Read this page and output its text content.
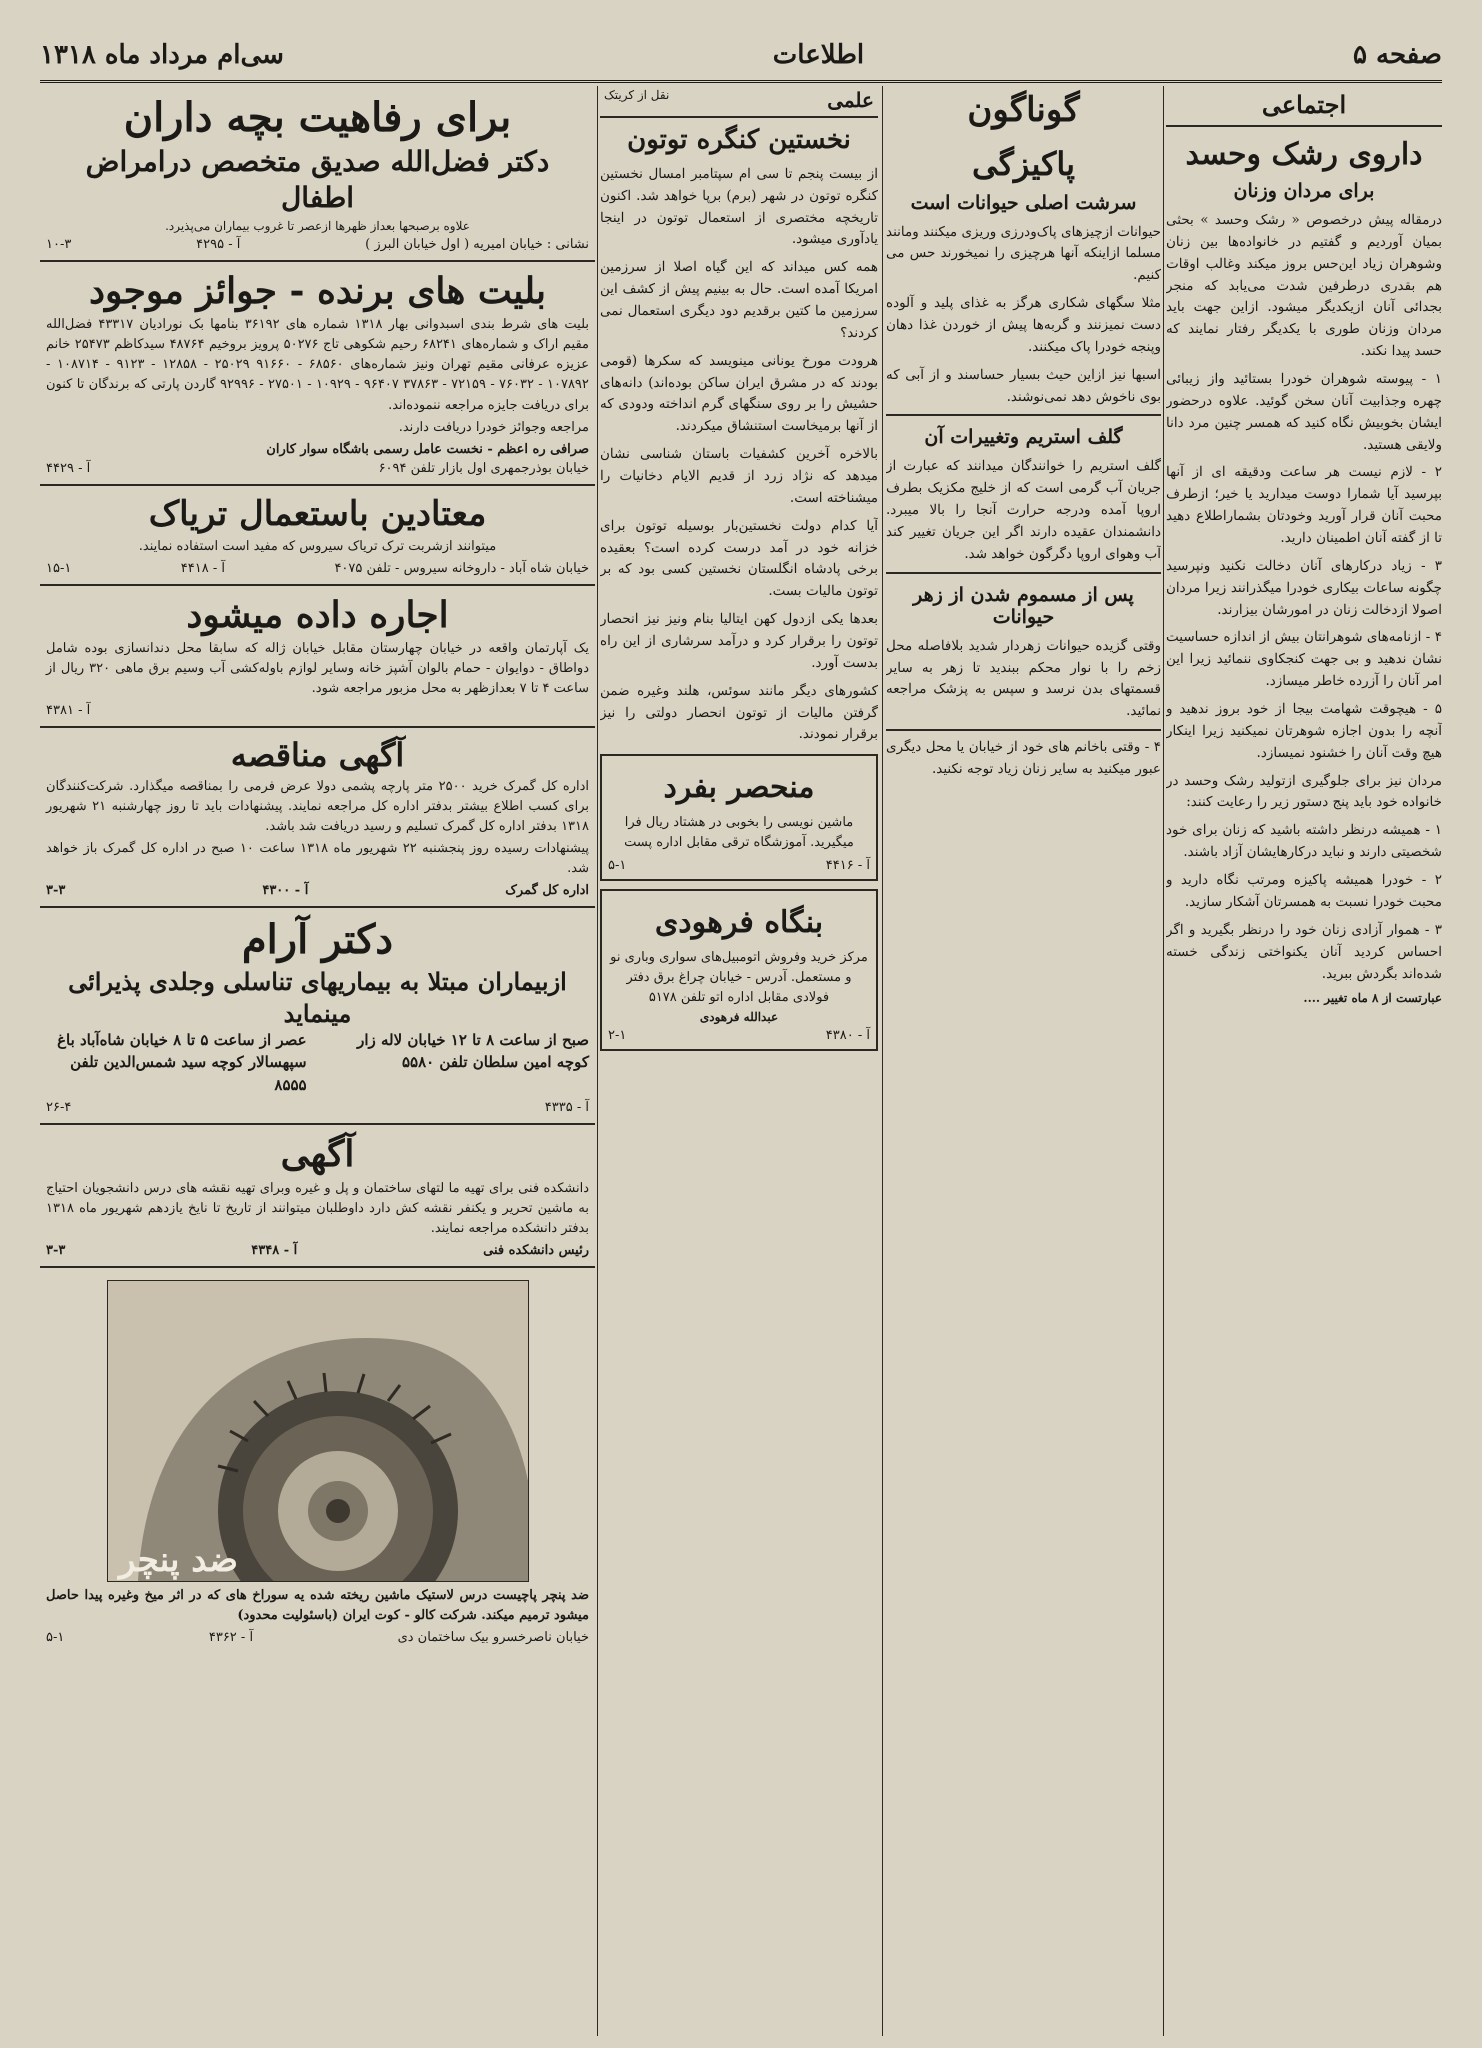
صفحه ۵
اطلاعات
سی‌ام مرداد ماه ۱۳۱۸
اجتماعی
داروی رشک وحسد
برای مردان وزنان

درمقاله پیش درخصوص « رشک وحسد » بحثی بمیان آوردیم و گفتیم در خانواده‌ها بین زنان وشوهران زیاد این‌حس بروز میکند وغالب اوقات هم بقدری درطرفین شدت می‌یابد که منجر بجدائی آنان ازیکدیگر میشود. ازاین جهت باید مردان وزنان طوری با یکدیگر رفتار نمایند که حسد پیدا نکند.

۱ - پیوسته شوهران خودرا بستائید واز زیبائی چهره وجذابیت آنان سخن گوئید. علاوه درحضور ایشان بخوبیش نگاه کنید که همسر چنین مرد دانا ولایقی هستید.

۲ - لازم نیست هر ساعت ودقیقه ای از آنها بپرسید آیا شمارا دوست میدارید یا خیر؛ ازطرف محبت آنان قرار آورید وخودتان بشماراطلاع دهید تا از گفته آنان اطمینان دارید.

۳ - زیاد درکارهای آنان دخالت نکنید ونپرسید چگونه ساعات بیکاری خودرا میگذرانند زیرا مردان اصولا ازدخالت زنان در امورشان بیزارند.

۴ - ازنامه‌های شوهرانتان بیش از اندازه حساسیت نشان ندهید و بی جهت کنجکاوی ننمائید زیرا این امر آنان را آزرده خاطر میسازد.

۵ - هیچوقت شهامت بیجا از خود بروز ندهید و آنچه را بدون اجازه شوهرتان نمیکنید زیرا اینکار هیچ وقت آنان را خشنود نمیسازد.

مردان نیز برای جلوگیری ازتولید رشک وحسد در خانواده خود باید پنج دستور زیر را رعایت کنند:

۱ - همیشه درنظر داشته باشید که زنان برای خود شخصیتی دارند و نباید درکارهایشان آزاد باشند.

۲ - خودرا همیشه پاکیزه ومرتب نگاه دارید و محبت خودرا نسبت به همسرتان آشکار سازید.

۳ - هموار آزادی زنان خود را درنظر بگیرید و اگر احساس کردید آنان یکنواختی زندگی خسته شده‌اند بگردش ببرید.

عبارتست از ۸ ماه تغییر ....

گوناگون
پاکیزگی
سرشت اصلی حیوانات است

حیوانات ازچیزهای پاک‌ودرزی وریزی میکنند ومانند مسلما ازاینکه آنها هرچیزی را نمیخورند حس می کنیم.

مثلا سگهای شکاری هرگز به غذای پلید و آلوده دست نمیزنند و گربه‌ها پیش از خوردن غذا دهان وپنجه خودرا پاک میکنند.

اسبها نیز ازاین حیث بسیار حساسند و از آبی که بوی ناخوش دهد نمی‌نوشند.

گلف استریم وتغییرات آن

گلف استریم را خوانندگان میدانند که عبارت از جریان آب گرمی است که از خلیج مکزیک بطرف اروپا آمده ودرجه حرارت آنجا را بالا میبرد. دانشمندان عقیده دارند اگر این جریان تغییر کند آب وهوای اروپا دگرگون خواهد شد.

پس از مسموم شدن از زهر حیوانات

وقتی گزیده حیوانات زهردار شدید بلافاصله محل زخم را با نوار محکم ببندید تا زهر به سایر قسمتهای بدن نرسد و سپس به پزشک مراجعه نمائید.

۴ - وقتی باخانم های خود از خیابان یا محل دیگری عبور میکنید به سایر زنان زیاد توجه نکنید.

علمی
نقل از کریتک
نخستین کنگره توتون

از بیست پنجم تا سی ام سپتامبر امسال نخستین کنگره توتون در شهر (برم) برپا خواهد شد. اکنون تاریخچه مختصری از استعمال توتون در اینجا یادآوری میشود.

همه کس میداند که این گیاه اصلا از سرزمین امریکا آمده است. حال به بینیم پیش از کشف این سرزمین ما کتین برقدیم دود دیگری استعمال نمی کردند؟

هرودت مورخ یونانی مینویسد که سکرها (قومی بودند که در مشرق ایران ساکن بوده‌اند) دانه‌های حشیش را بر روی سنگهای گرم انداخته ودودی که از آنها برمیخاست استنشاق میکردند.

بالاخره آخرین کشفیات باستان شناسی نشان میدهد که نژاد زرد از قدیم الایام دخانیات را میشناخته است.

آیا کدام دولت نخستین‌بار بوسیله توتون برای خزانه خود در آمد درست کرده است؟ بعقیده برخی پادشاه انگلستان نخستین کسی بود که بر توتون مالیات بست.

بعدها یکی ازدول کهن ایتالیا بنام ونیز نیز انحصار توتون را برقرار کرد و درآمد سرشاری از این راه بدست آورد.

کشورهای دیگر مانند سوئس، هلند وغیره ضمن گرفتن مالیات از توتون انحصار دولتی را نیز برقرار نمودند.

منحصر بفرد

ماشین نویسی را بخوبی در هشتاد ریال فرا میگیرید. آموزشگاه ترقی مقابل اداره پست

آ - ۴۴۱۶
۵-۱
بنگاه فرهودی

مرکز خرید وفروش اتومبیل‌های سواری وباری نو و مستعمل. آدرس - خیابان چراغ برق دفتر فولادی مقابل اداره اتو تلفن ۵۱۷۸

عبدالله فرهودی
آ - ۴۳۸۰
۲-۱
برای رفاهیت بچه داران
دکتر فضل‌الله صدیق متخصص درامراض اطفال
علاوه برصبحها بعداز ظهرها ازعصر تا غروب بیماران می‌پذیرد.
نشانی : خیابان امیریه ( اول خیابان البرز )
آ - ۴۲۹۵
۱۰-۳
بلیت های برنده - جوائز موجود

بلیت های شرط بندی اسبدوانی بهار ۱۳۱۸ شماره های ۳۶۱۹۲ بنامها بک نورادیان ۴۳۳۱۷ فضل‌الله مقیم اراک و شماره‌های ۶۸۲۴۱ رحیم شکوهی تاج ۵۰۲۷۶ پرویز بروخیم ۴۸۷۶۴ سیدکاظم ۲۵۴۷۳ خانم عزیزه عرفانی مقیم تهران ونیز شماره‌های ۶۸۵۶۰ - ۹۱۶۶۰ ۲۵۰۲۹ - ۱۲۸۵۸ - ۹۱۲۳ - ۱۰۸۷۱۴ - ۱۰۷۸۹۲ - ۷۶۰۳۲ - ۷۲۱۵۹ - ۳۷۸۶۳ ۹۶۴۰۷ - ۱۰۹۲۹ - ۲۷۵۰۱ - ۹۲۹۹۶ گاردن پارتی که برندگان تا کنون برای دریافت جایزه مراجعه ننموده‌اند.

مراجعه وجوائز خودرا دریافت دارند.

صرافی ره اعظم - نخست عامل رسمی باشگاه سوار کاران
خیابان بوذرجمهری اول بازار تلفن ۶۰۹۴
آ - ۴۴۲۹
معتادین باستعمال تریاک

میتوانند ازشربت ترک تریاک سیروس که مفید است استفاده نمایند.

خیابان شاه آباد - داروخانه سیروس - تلفن ۴۰۷۵
آ - ۴۴۱۸
۱۵-۱
اجاره داده میشود

یک آپارتمان واقعه در خیابان چهارستان مقابل خیابان ژاله که سابقا محل دندانسازی بوده شامل دواطاق - دوایوان - حمام بالوان آشپز خانه وسایر لوازم باوله‌کشی آب وسیم برق ماهی ۳۲۰ ریال از ساعت ۴ تا ۷ بعدازظهر به محل مزبور مراجعه شود.

آ - ۴۳۸۱
آگهی مناقصه

اداره کل گمرک خرید ۲۵۰۰ متر پارچه پشمی دولا عرض فرمی را بمناقصه میگذارد. شرکت‌کنندگان برای کسب اطلاع بیشتر بدفتر اداره کل مراجعه نمایند. پیشنهادات باید تا روز چهارشنبه ۲۱ شهریور ۱۳۱۸ بدفتر اداره کل گمرک تسلیم و رسید دریافت شد باشد.

پیشنهادات رسیده روز پنجشنبه ۲۲ شهریور ماه ۱۳۱۸ ساعت ۱۰ صبح در اداره کل گمرک باز خواهد شد.

اداره کل گمرک
آ - ۴۳۰۰
۳-۳
دکتر آرام
ازبیماران مبتلا به بیماریهای تناسلی وجلدی پذیرائی مینماید
صبح از ساعت ۸ تا ۱۲ خیابان لاله زار کوچه امین سلطان تلفن ۵۵۸۰
عصر از ساعت ۵ تا ۸ خیابان شاه‌آباد باغ سپهسالار کوچه سید شمس‌الدین تلفن ۸۵۵۵
آ - ۴۳۳۵
۲۶-۴
آگهی

دانشکده فنی برای تهیه ما لتهای ساختمان و پل و غیره وبرای تهیه نقشه های درس دانشجویان احتیاج به ماشین تحریر و یکنفر نقشه کش دارد داوطلبان میتوانند از تاریخ تا نایخ یازدهم شهریور ماه ۱۳۱۸ بدفتر دانشکده مراجعه نمایند.

رئیس دانشکده فنی
آ - ۴۳۴۸
۳-۳
ضد پنچر

ضد پنچر پاچیست درس لاستیک ماشین ریخته شده یه سوراخ های که در اثر میخ وغیره پیدا حاصل میشود ترمیم میکند. شرکت کالو - کوت ایران (باسئولیت محدود)

خیابان ناصرخسرو بیک ساختمان دی
آ - ۴۳۶۲
۵-۱
